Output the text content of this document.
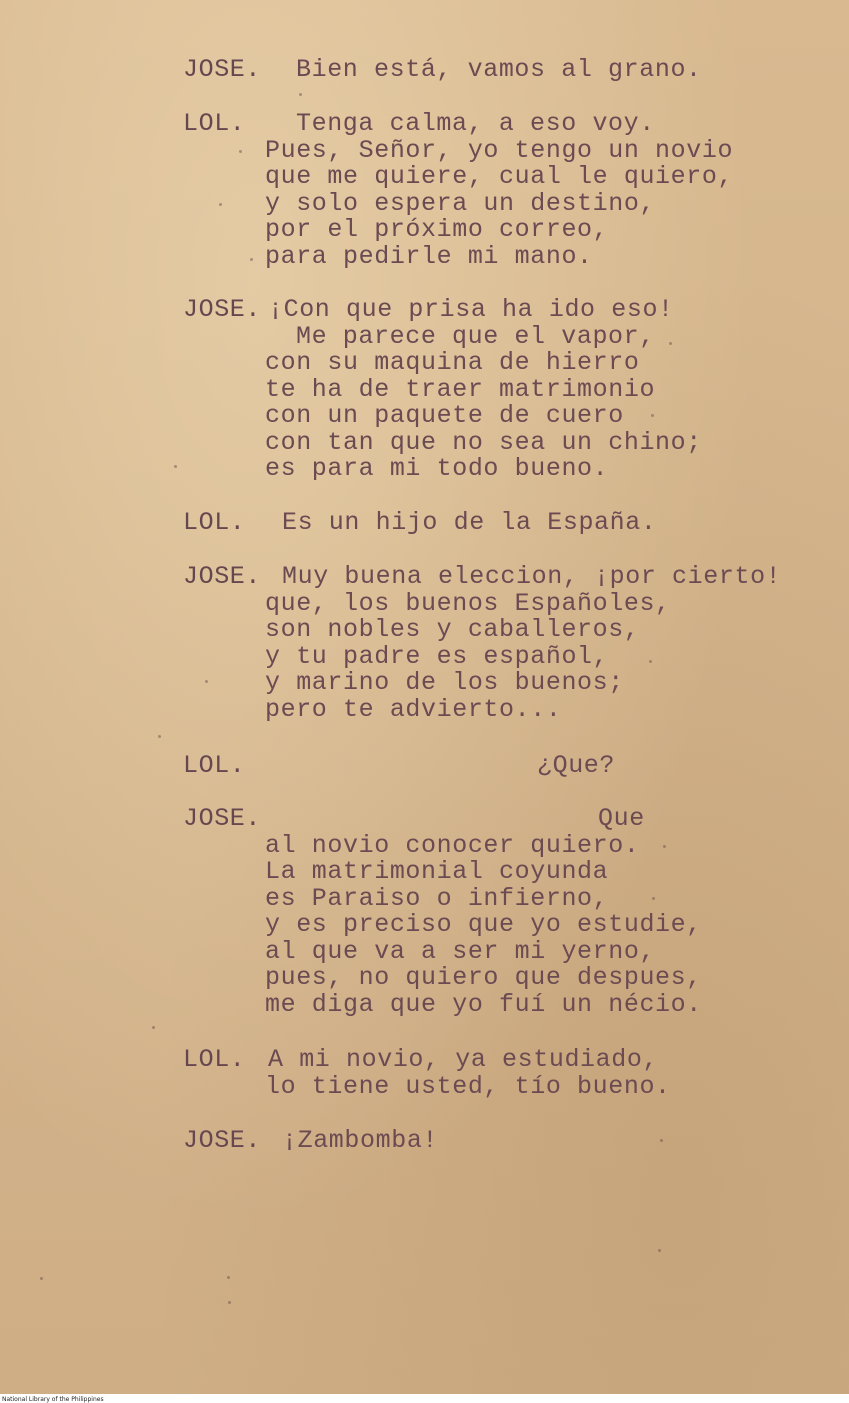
JOSE. Bien está, vamos al grano.
LOL. Tenga calma, a eso voy.
Pues, Señor, yo tengo un novio
que me quiere, cual le quiero,
y solo espera un destino,
por el próximo correo,
para pedirle mi mano.
JOSE. ¡Con que prisa ha ido eso!
Me parece que el vapor,
con su maquina de hierro
te ha de traer matrimonio
con un paquete de cuero
con tan que no sea un chino;
es para mi todo bueno.
LOL. Es un hijo de la España.
JOSE. Muy buena eleccion, ¡por cierto!
que, los buenos Españoles,
son nobles y caballeros,
y tu padre es español,
y marino de los buenos;
pero te advierto...
LOL.	¿Que?
JOSE.	Que
al novio conocer quiero.
La matrimonial coyunda
es Paraiso o infierno,
y es preciso que yo estudie,
al que va a ser mi yerno,
pues, no quiero que despues,
me diga que yo fuí un nécio.
LOL. A mi novio, ya estudiado,
lo tiene usted, tío bueno.
JOSE. ¡Zambomba!
National Library of the Philippines
